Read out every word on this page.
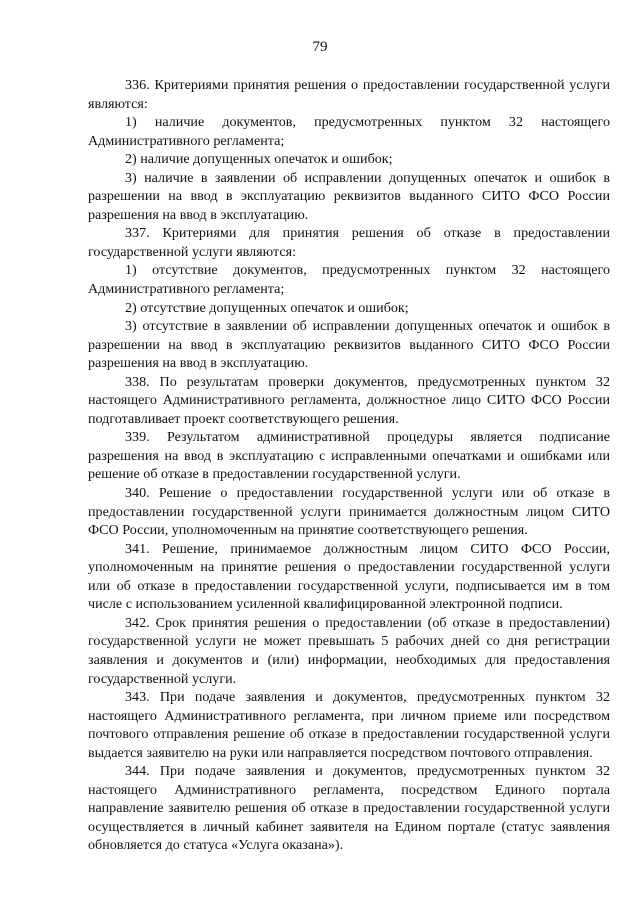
79

336. Критериями принятия решения о предоставлении государственной услуги являются:

1) наличие документов, предусмотренных пунктом 32 настоящего Административного регламента;

2) наличие допущенных опечаток и ошибок;

3) наличие в заявлении об исправлении допущенных опечаток и ошибок в разрешении на ввод в эксплуатацию реквизитов выданного СИТО ФСО России разрешения на ввод в эксплуатацию.

337. Критериями для принятия решения об отказе в предоставлении государственной услуги являются:

1) отсутствие документов, предусмотренных пунктом 32 настоящего Административного регламента;

2) отсутствие допущенных опечаток и ошибок;

3) отсутствие в заявлении об исправлении допущенных опечаток и ошибок в разрешении на ввод в эксплуатацию реквизитов выданного СИТО ФСО России разрешения на ввод в эксплуатацию.

338. По результатам проверки документов, предусмотренных пунктом 32 настоящего Административного регламента, должностное лицо СИТО ФСО России подготавливает проект соответствующего решения.

339. Результатом административной процедуры является подписание разрешения на ввод в эксплуатацию с исправленными опечатками и ошибками или решение об отказе в предоставлении государственной услуги.

340. Решение о предоставлении государственной услуги или об отказе в предоставлении государственной услуги принимается должностным лицом СИТО ФСО России, уполномоченным на принятие соответствующего решения.

341. Решение, принимаемое должностным лицом СИТО ФСО России, уполномоченным на принятие решения о предоставлении государственной услуги или об отказе в предоставлении государственной услуги, подписывается им в том числе с использованием усиленной квалифицированной электронной подписи.

342. Срок принятия решения о предоставлении (об отказе в предоставлении) государственной услуги не может превышать 5 рабочих дней со дня регистрации заявления и документов и (или) информации, необходимых для предоставления государственной услуги.

343. При подаче заявления и документов, предусмотренных пунктом 32 настоящего Административного регламента, при личном приеме или посредством почтового отправления решение об отказе в предоставлении государственной услуги выдается заявителю на руки или направляется посредством почтового отправления.

344. При подаче заявления и документов, предусмотренных пунктом 32 настоящего Административного регламента, посредством Единого портала направление заявителю решения об отказе в предоставлении государственной услуги осуществляется в личный кабинет заявителя на Едином портале (статус заявления обновляется до статуса «Услуга оказана»).
